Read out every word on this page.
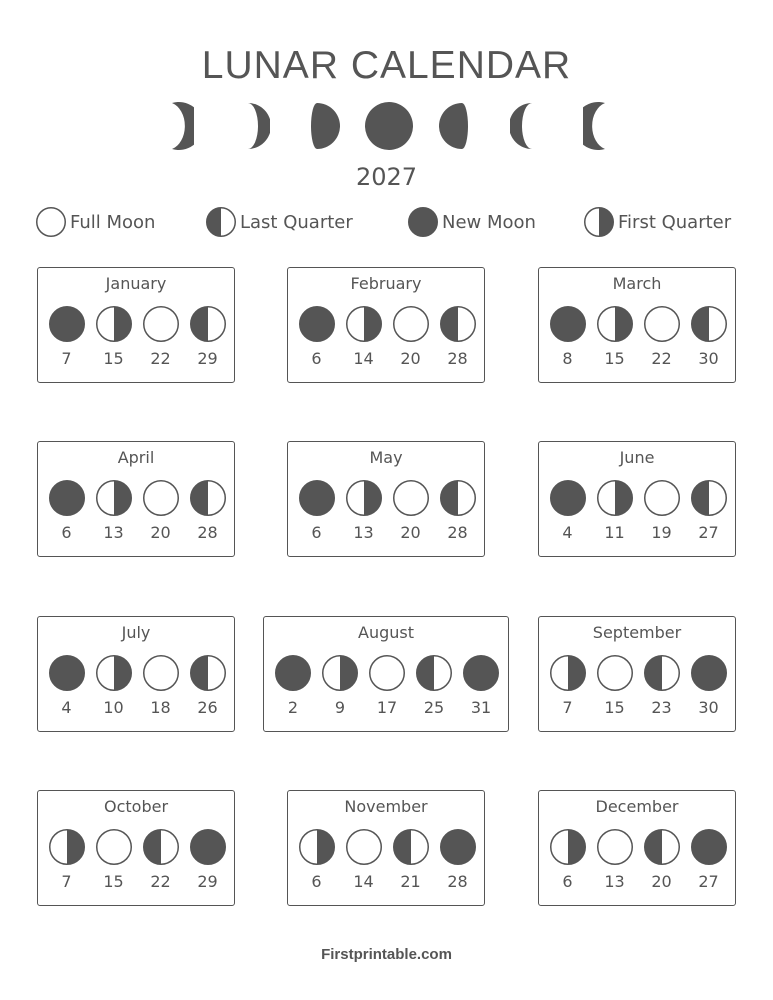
LUNAR CALENDAR
2027
Full Moon	Last Quarter	New Moon	First Quarter
January
7	15	22	29
February
6	14	20	28
March
8	15	22	30
April
6	13	20	28
May
6	13	20	28
June
4	11	19	27
July
4	10	18	26
August
2	9	17	25	31
September
7	15	23	30
October
7	15	22	29
November
6	14	21	28
December
6	13	20	27
Firstprintable.com
